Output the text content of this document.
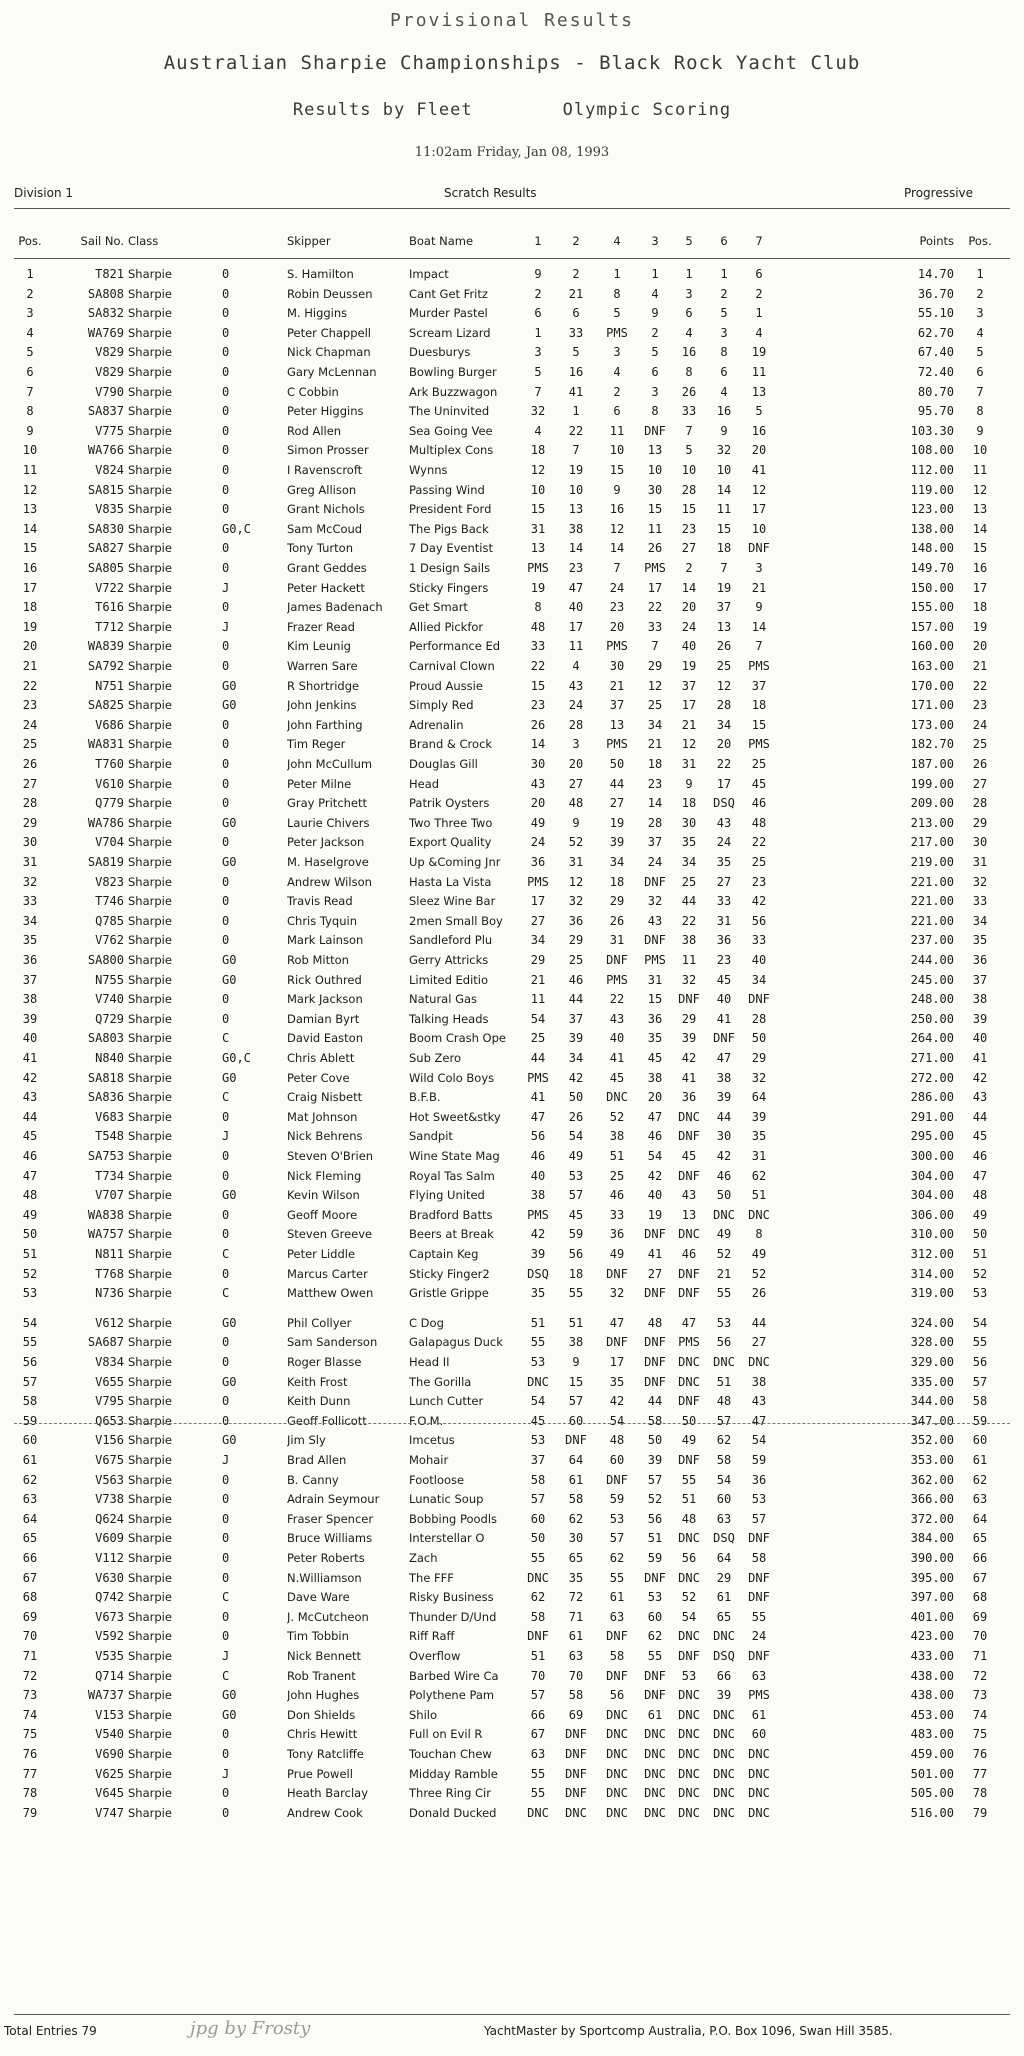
Provisional Results
Australian Sharpie Championships - Black Rock Yacht Club
Results by Fleet	Olympic Scoring
11:02am Friday, Jan 08, 1993
Division 1	Scratch Results	Progressive
Pos.	Sail No. Class	Skipper	Boat Name	1	2	4	3	5	6	7	Points	Pos.
1	T821 Sharpie	0	S. Hamilton	Impact	9	2	1	1	1	1	6	14.70	1
2	SA808 Sharpie	0	Robin Deussen	Cant Get Fritz	2	21	8	4	3	2	2	36.70	2
3	SA832 Sharpie	0	M. Higgins	Murder Pastel	6	6	5	9	6	5	1	55.10	3
4	WA769 Sharpie	0	Peter Chappell	Scream Lizard	1	33	PMS	2	4	3	4	62.70	4
5	V829 Sharpie	0	Nick Chapman	Duesburys	3	5	3	5	16	8	19	67.40	5
6	V829 Sharpie	0	Gary McLennan	Bowling Burger	5	16	4	6	8	6	11	72.40	6
7	V790 Sharpie	0	C Cobbin	Ark Buzzwagon	7	41	2	3	26	4	13	80.70	7
8	SA837 Sharpie	0	Peter Higgins	The Uninvited	32	1	6	8	33	16	5	95.70	8
9	V775 Sharpie	0	Rod Allen	Sea Going Vee	4	22	11	DNF	7	9	16	103.30	9
10	WA766 Sharpie	0	Simon Prosser	Multiplex Cons	18	7	10	13	5	32	20	108.00	10
11	V824 Sharpie	0	I Ravenscroft	Wynns	12	19	15	10	10	10	41	112.00	11
12	SA815 Sharpie	0	Greg Allison	Passing Wind	10	10	9	30	28	14	12	119.00	12
13	V835 Sharpie	0	Grant Nichols	President Ford	15	13	16	15	15	11	17	123.00	13
14	SA830 Sharpie	G0,C	Sam McCoud	The Pigs Back	31	38	12	11	23	15	10	138.00	14
15	SA827 Sharpie	0	Tony Turton	7 Day Eventist	13	14	14	26	27	18	DNF	148.00	15
16	SA805 Sharpie	0	Grant Geddes	1 Design Sails	PMS	23	7	PMS	2	7	3	149.70	16
17	V722 Sharpie	J	Peter Hackett	Sticky Fingers	19	47	24	17	14	19	21	150.00	17
18	T616 Sharpie	0	James Badenach	Get Smart	8	40	23	22	20	37	9	155.00	18
19	T712 Sharpie	J	Frazer Read	Allied Pickfor	48	17	20	33	24	13	14	157.00	19
20	WA839 Sharpie	0	Kim Leunig	Performance Ed	33	11	PMS	7	40	26	7	160.00	20
21	SA792 Sharpie	0	Warren Sare	Carnival Clown	22	4	30	29	19	25	PMS	163.00	21
22	N751 Sharpie	G0	R Shortridge	Proud Aussie	15	43	21	12	37	12	37	170.00	22
23	SA825 Sharpie	G0	John Jenkins	Simply Red	23	24	37	25	17	28	18	171.00	23
24	V686 Sharpie	0	John Farthing	Adrenalin	26	28	13	34	21	34	15	173.00	24
25	WA831 Sharpie	0	Tim Reger	Brand & Crock	14	3	PMS	21	12	20	PMS	182.70	25
26	T760 Sharpie	0	John McCullum	Douglas Gill	30	20	50	18	31	22	25	187.00	26
27	V610 Sharpie	0	Peter Milne	Head	43	27	44	23	9	17	45	199.00	27
28	Q779 Sharpie	0	Gray Pritchett	Patrik Oysters	20	48	27	14	18	DSQ	46	209.00	28
29	WA786 Sharpie	G0	Laurie Chivers	Two Three Two	49	9	19	28	30	43	48	213.00	29
30	V704 Sharpie	0	Peter Jackson	Export Quality	24	52	39	37	35	24	22	217.00	30
31	SA819 Sharpie	G0	M. Haselgrove	Up &Coming Jnr	36	31	34	24	34	35	25	219.00	31
32	V823 Sharpie	0	Andrew Wilson	Hasta La Vista	PMS	12	18	DNF	25	27	23	221.00	32
33	T746 Sharpie	0	Travis Read	Sleez Wine Bar	17	32	29	32	44	33	42	221.00	33
34	Q785 Sharpie	0	Chris Tyquin	2men Small Boy	27	36	26	43	22	31	56	221.00	34
35	V762 Sharpie	0	Mark Lainson	Sandleford Plu	34	29	31	DNF	38	36	33	237.00	35
36	SA800 Sharpie	G0	Rob Mitton	Gerry Attricks	29	25	DNF	PMS	11	23	40	244.00	36
37	N755 Sharpie	G0	Rick Outhred	Limited Editio	21	46	PMS	31	32	45	34	245.00	37
38	V740 Sharpie	0	Mark Jackson	Natural Gas	11	44	22	15	DNF	40	DNF	248.00	38
39	Q729 Sharpie	0	Damian Byrt	Talking Heads	54	37	43	36	29	41	28	250.00	39
40	SA803 Sharpie	C	David Easton	Boom Crash Ope	25	39	40	35	39	DNF	50	264.00	40
41	N840 Sharpie	G0,C	Chris Ablett	Sub Zero	44	34	41	45	42	47	29	271.00	41
42	SA818 Sharpie	G0	Peter Cove	Wild Colo Boys	PMS	42	45	38	41	38	32	272.00	42
43	SA836 Sharpie	C	Craig Nisbett	B.F.B.	41	50	DNC	20	36	39	64	286.00	43
44	V683 Sharpie	0	Mat Johnson	Hot Sweet&stky	47	26	52	47	DNC	44	39	291.00	44
45	T548 Sharpie	J	Nick Behrens	Sandpit	56	54	38	46	DNF	30	35	295.00	45
46	SA753 Sharpie	0	Steven O'Brien	Wine State Mag	46	49	51	54	45	42	31	300.00	46
47	T734 Sharpie	0	Nick Fleming	Royal Tas Salm	40	53	25	42	DNF	46	62	304.00	47
48	V707 Sharpie	G0	Kevin Wilson	Flying United	38	57	46	40	43	50	51	304.00	48
49	WA838 Sharpie	0	Geoff Moore	Bradford Batts	PMS	45	33	19	13	DNC	DNC	306.00	49
50	WA757 Sharpie	0	Steven Greeve	Beers at Break	42	59	36	DNF	DNC	49	8	310.00	50
51	N811 Sharpie	C	Peter Liddle	Captain Keg	39	56	49	41	46	52	49	312.00	51
52	T768 Sharpie	0	Marcus Carter	Sticky Finger2	DSQ	18	DNF	27	DNF	21	52	314.00	52
53	N736 Sharpie	C	Matthew Owen	Gristle Grippe	35	55	32	DNF	DNF	55	26	319.00	53
54	V612 Sharpie	G0	Phil Collyer	C Dog	51	51	47	48	47	53	44	324.00	54
55	SA687 Sharpie	0	Sam Sanderson	Galapagus Duck	55	38	DNF	DNF	PMS	56	27	328.00	55
56	V834 Sharpie	0	Roger Blasse	Head II	53	9	17	DNF	DNC	DNC	DNC	329.00	56
57	V655 Sharpie	G0	Keith Frost	The Gorilla	DNC	15	35	DNF	DNC	51	38	335.00	57
58	V795 Sharpie	0	Keith Dunn	Lunch Cutter	54	57	42	44	DNF	48	43	344.00	58
59	Q653 Sharpie	0	Geoff Follicott	F.O.M.	45	60	54	58	50	57	47	347.00	59
60	V156 Sharpie	G0	Jim Sly	Imcetus	53	DNF	48	50	49	62	54	352.00	60
61	V675 Sharpie	J	Brad Allen	Mohair	37	64	60	39	DNF	58	59	353.00	61
62	V563 Sharpie	0	B. Canny	Footloose	58	61	DNF	57	55	54	36	362.00	62
63	V738 Sharpie	0	Adrain Seymour	Lunatic Soup	57	58	59	52	51	60	53	366.00	63
64	Q624 Sharpie	0	Fraser Spencer	Bobbing Poodls	60	62	53	56	48	63	57	372.00	64
65	V609 Sharpie	0	Bruce Williams	Interstellar O	50	30	57	51	DNC	DSQ	DNF	384.00	65
66	V112 Sharpie	0	Peter Roberts	Zach	55	65	62	59	56	64	58	390.00	66
67	V630 Sharpie	0	N.Williamson	The FFF	DNC	35	55	DNF	DNC	29	DNF	395.00	67
68	Q742 Sharpie	C	Dave Ware	Risky Business	62	72	61	53	52	61	DNF	397.00	68
69	V673 Sharpie	0	J. McCutcheon	Thunder D/Und	58	71	63	60	54	65	55	401.00	69
70	V592 Sharpie	0	Tim Tobbin	Riff Raff	DNF	61	DNF	62	DNC	DNC	24	423.00	70
71	V535 Sharpie	J	Nick Bennett	Overflow	51	63	58	55	DNF	DSQ	DNF	433.00	71
72	Q714 Sharpie	C	Rob Tranent	Barbed Wire Ca	70	70	DNF	DNF	53	66	63	438.00	72
73	WA737 Sharpie	G0	John Hughes	Polythene Pam	57	58	56	DNF	DNC	39	PMS	438.00	73
74	V153 Sharpie	G0	Don Shields	Shilo	66	69	DNC	61	DNC	DNC	61	453.00	74
75	V540 Sharpie	0	Chris Hewitt	Full on Evil R	67	DNF	DNC	DNC	DNC	DNC	60	483.00	75
76	V690 Sharpie	0	Tony Ratcliffe	Touchan Chew	63	DNF	DNC	DNC	DNC	DNC	DNC	459.00	76
77	V625 Sharpie	J	Prue Powell	Midday Ramble	55	DNF	DNC	DNC	DNC	DNC	DNC	501.00	77
78	V645 Sharpie	0	Heath Barclay	Three Ring Cir	55	DNF	DNC	DNC	DNC	DNC	DNC	505.00	78
79	V747 Sharpie	0	Andrew Cook	Donald Ducked	DNC	DNC	DNC	DNC	DNC	DNC	DNC	516.00	79
Total Entries 79	jpg by Frosty	YachtMaster by Sportcomp Australia, P.O. Box 1096, Swan Hill 3585.
